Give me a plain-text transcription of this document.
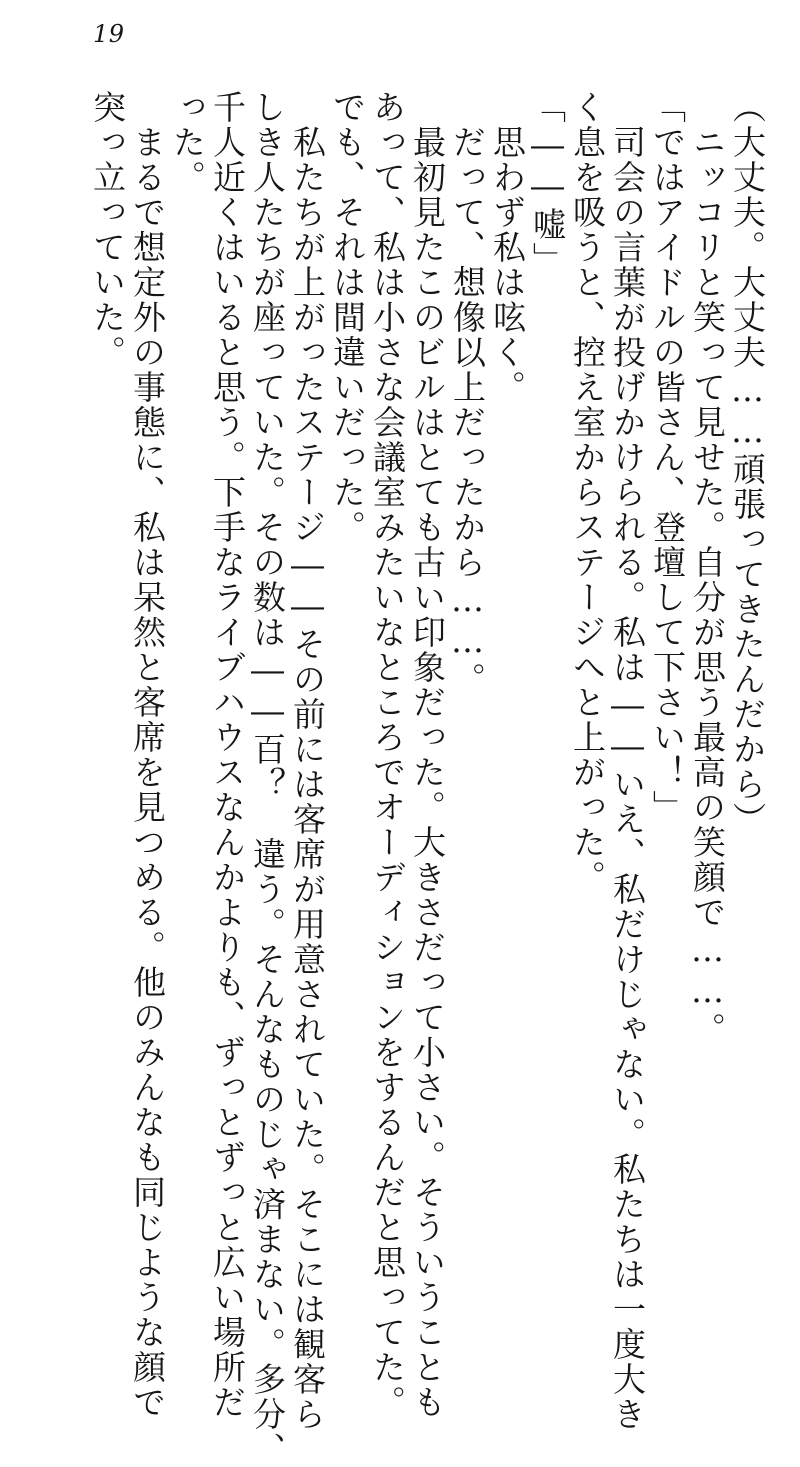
19
（大丈夫。大丈夫……頑張ってきたんだから）
　ニッコリと笑って見せた。自分が思う最高の笑顔で……。
「ではアイドルの皆さん、登壇して下さい！」
　司会の言葉が投げかけられる。私は――いえ、私だけじゃない。私たちは一度大き
く息を吸うと、控え室からステージへと上がった。
「――嘘」
　思わず私は呟く。
　だって、想像以上だったから……。
　最初見たこのビルはとても古い印象だった。大きさだって小さい。そういうことも
あって、私は小さな会議室みたいなところでオーディションをするんだと思ってた。
でも、それは間違いだった。
　私たちが上がったステージ――その前には客席が用意されていた。そこには観客ら
しき人たちが座っていた。その数は――百？　違う。そんなものじゃ済まない。多分、
千人近くはいると思う。下手なライブハウスなんかよりも、ずっとずっと広い場所だ
った。
　まるで想定外の事態に、私は呆然と客席を見つめる。他のみんなも同じような顔で
突っ立っていた。
